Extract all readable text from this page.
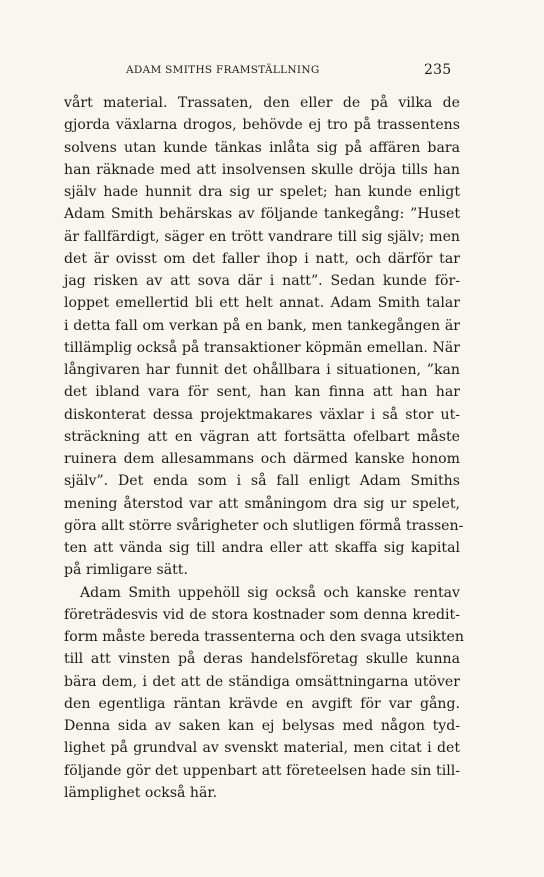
ADAM SMITHS FRAMSTÄLLNING	235
vårt material. Trassaten, den eller de på vilka de
gjorda växlarna drogos, behövde ej tro på trassentens
solvens utan kunde tänkas inlåta sig på affären bara
han räknade med att insolvensen skulle dröja tills han
själv hade hunnit dra sig ur spelet; han kunde enligt
Adam Smith behärskas av följande tankegång: ”Huset
är fallfärdigt, säger en trött vandrare till sig själv; men
det är ovisst om det faller ihop i natt, och därför tar
jag risken av att sova där i natt”. Sedan kunde för-
loppet emellertid bli ett helt annat. Adam Smith talar
i detta fall om verkan på en bank, men tankegången är
tillämplig också på transaktioner köpmän emellan. När
långivaren har funnit det ohållbara i situationen, ”kan
det ibland vara för sent, han kan finna att han har
diskonterat dessa projektmakares växlar i så stor ut-
sträckning att en vägran att fortsätta ofelbart måste
ruinera dem allesammans och därmed kanske honom
själv”. Det enda som i så fall enligt Adam Smiths
mening återstod var att småningom dra sig ur spelet,
göra allt större svårigheter och slutligen förmå trassen-
ten att vända sig till andra eller att skaffa sig kapital
på rimligare sätt.
Adam Smith uppehöll sig också och kanske rentav
företrädesvis vid de stora kostnader som denna kredit-
form måste bereda trassenterna och den svaga utsikten
till att vinsten på deras handelsföretag skulle kunna
bära dem, i det att de ständiga omsättningarna utöver
den egentliga räntan krävde en avgift för var gång.
Denna sida av saken kan ej belysas med någon tyd-
lighet på grundval av svenskt material, men citat i det
följande gör det uppenbart att företeelsen hade sin till-
lämplighet också här.
